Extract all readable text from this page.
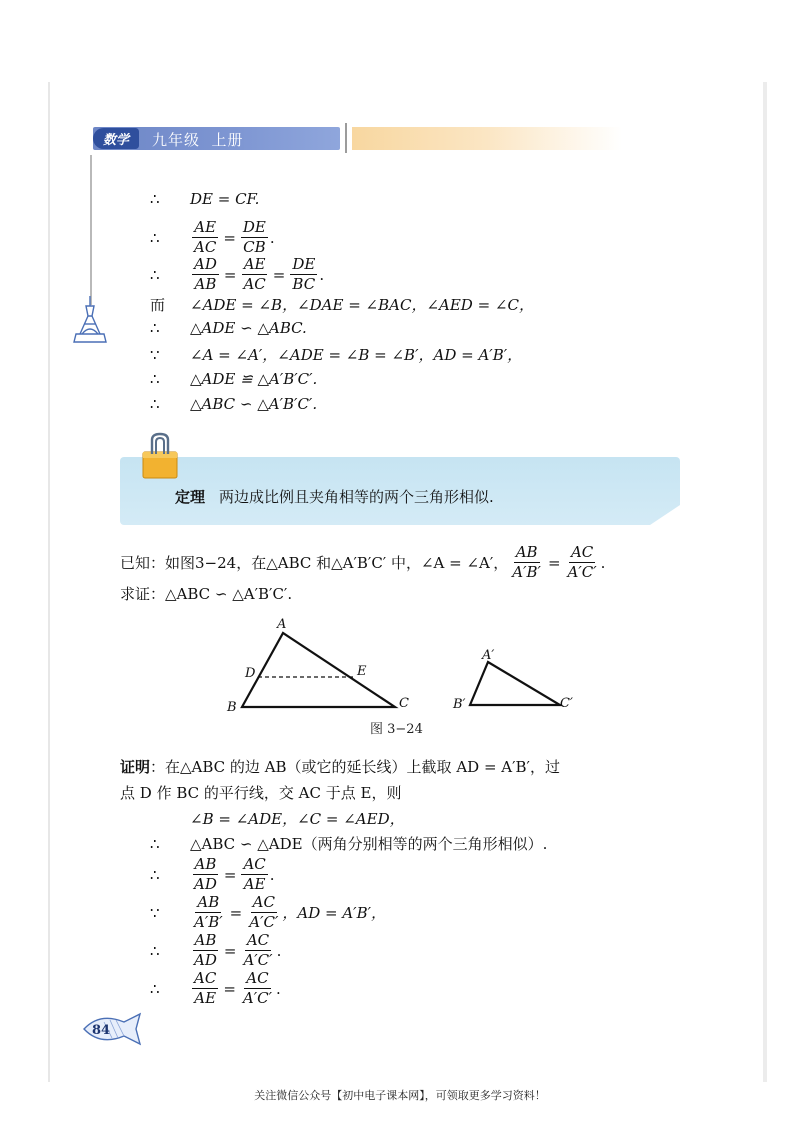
数学	九年级  上册
∴	DE = CF.
∴	$\frac{AE}{AC} = \frac{DE}{CB}$ .
∴	$\frac{AD}{AB} = \frac{AE}{AC} = \frac{DE}{BC}$ .
而	∠ADE = ∠B，∠DAE = ∠BAC，∠AED = ∠C，
∴	△ADE ∽ △ABC.
∵	∠A = ∠A′，∠ADE = ∠B = ∠B′，AD = A′B′，
∴	△ADE ≌ △A′B′C′.
∴	△ABC ∽ △A′B′C′.
定理 两边成比例且夹角相等的两个三角形相似.
已知：如图3−24，在△ABC 和△A′B′C′ 中，∠A = ∠A′， $\frac{AB}{A'B'} = \frac{AC}{A'C'}$ .
求证：△ABC ∽ △A′B′C′.
A
B	C
D	E
A′
B′	C′
图 3−24
证明：在△ABC 的边 AB（或它的延长线）上截取 AD = A′B′，过
点 D 作 BC 的平行线，交 AC 于点 E，则
∠B = ∠ADE，∠C = ∠AED，
∴	△ABC ∽ △ADE（两角分别相等的两个三角形相似）.
∴	$\frac{AB}{AD} = \frac{AC}{AE}$ .
∵	$\frac{AB}{A'B'} = \frac{AC}{A'C'}$ ，AD = A′B′，
∴	$\frac{AB}{AD} = \frac{AC}{A'C'}$ .
∴	$\frac{AC}{AE} = \frac{AC}{A'C'}$ .
84
关注微信公众号【初中电子课本网】，可领取更多学习资料！
